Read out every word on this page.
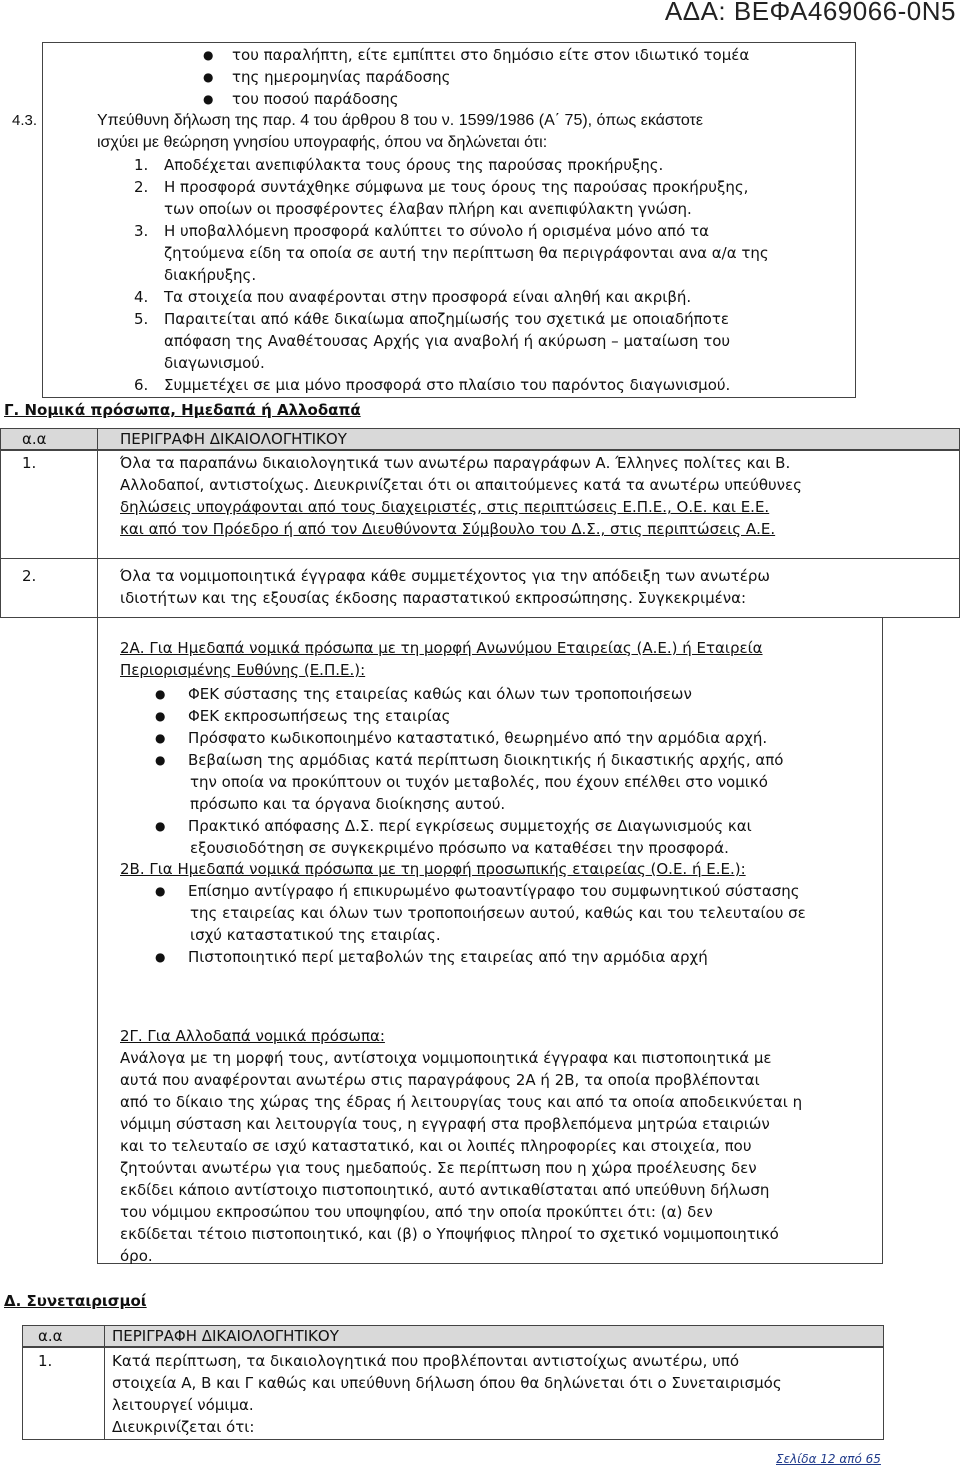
ΑΔΑ: ΒΕΦΑ469066-0Ν5
● του παραλήπτη, είτε εμπίπτει στο δημόσιο είτε στον ιδιωτικό τομέα
● της ημερομηνίας παράδοσης
● του ποσού παράδοσης
4.3.	Υπεύθυνη δήλωση της παρ. 4 του άρθρου 8 του ν. 1599/1986 (Α΄ 75), όπως εκάστοτε
ισχύει με θεώρηση γνησίου υπογραφής, όπου να δηλώνεται ότι:
1. Αποδέχεται ανεπιφύλακτα τους όρους της παρούσας προκήρυξης.
2. Η προσφορά συντάχθηκε σύμφωνα με τους όρους της παρούσας προκήρυξης,
των οποίων οι προσφέροντες έλαβαν πλήρη και ανεπιφύλακτη γνώση.
3. Η υποβαλλόμενη προσφορά καλύπτει το σύνολο ή ορισμένα μόνο από τα
ζητούμενα είδη τα οποία σε αυτή την περίπτωση θα περιγράφονται ανα α/α της
διακήρυξης.
4. Τα στοιχεία που αναφέρονται στην προσφορά είναι αληθή και ακριβή.
5. Παραιτείται από κάθε δικαίωμα αποζημίωσής του σχετικά με οποιαδήποτε
απόφαση της Αναθέτουσας Αρχής για αναβολή ή ακύρωση – ματαίωση του
διαγωνισμού.
6. Συμμετέχει σε μια μόνο προσφορά στο πλαίσιο του παρόντος διαγωνισμού.
Γ. Νομικά πρόσωπα, Ημεδαπά ή Αλλοδαπά
α.α	ΠΕΡΙΓΡΑΦΗ ΔΙΚΑΙΟΛΟΓΗΤΙΚΟΥ
1.	Όλα τα παραπάνω δικαιολογητικά των ανωτέρω παραγράφων Α. Έλληνες πολίτες και Β.
Αλλοδαποί, αντιστοίχως. Διευκρινίζεται ότι οι απαιτούμενες κατά τα ανωτέρω υπεύθυνες
δηλώσεις υπογράφονται από τους διαχειριστές, στις περιπτώσεις Ε.Π.Ε., Ο.Ε. και Ε.Ε.
και από τον Πρόεδρο ή από τον Διευθύνοντα Σύμβουλο του Δ.Σ., στις περιπτώσεις Α.Ε.
2.	Όλα τα νομιμοποιητικά έγγραφα κάθε συμμετέχοντος για την απόδειξη των ανωτέρω
ιδιοτήτων και της εξουσίας έκδοσης παραστατικού εκπροσώπησης. Συγκεκριμένα:
2Α. Για Ημεδαπά νομικά πρόσωπα με τη μορφή Ανωνύμου Εταιρείας (Α.Ε.) ή Εταιρεία
Περιορισμένης Ευθύνης (Ε.Π.Ε.):
● ΦΕΚ σύστασης της εταιρείας καθώς και όλων των τροποποιήσεων
● ΦΕΚ εκπροσωπήσεως της εταιρίας
● Πρόσφατο κωδικοποιημένο καταστατικό, θεωρημένο από την αρμόδια αρχή.
● Βεβαίωση της αρμόδιας κατά περίπτωση διοικητικής ή δικαστικής αρχής, από
την οποία να προκύπτουν οι τυχόν μεταβολές, που έχουν επέλθει στο νομικό
πρόσωπο και τα όργανα διοίκησης αυτού.
● Πρακτικό απόφασης Δ.Σ. περί εγκρίσεως συμμετοχής σε Διαγωνισμούς και
εξουσιοδότηση σε συγκεκριμένο πρόσωπο να καταθέσει την προσφορά.
2Β. Για Ημεδαπά νομικά πρόσωπα με τη μορφή προσωπικής εταιρείας (Ο.Ε. ή Ε.Ε.):
● Επίσημο αντίγραφο ή επικυρωμένο φωτοαντίγραφο του συμφωνητικού σύστασης
της εταιρείας και όλων των τροποποιήσεων αυτού, καθώς και του τελευταίου σε
ισχύ καταστατικού της εταιρίας.
● Πιστοποιητικό περί μεταβολών της εταιρείας από την αρμόδια αρχή
2Γ. Για Αλλοδαπά νομικά πρόσωπα:
Ανάλογα με τη μορφή τους, αντίστοιχα νομιμοποιητικά έγγραφα και πιστοποιητικά με
αυτά που αναφέρονται ανωτέρω στις παραγράφους 2Α ή 2Β, τα οποία προβλέπονται
από το δίκαιο της χώρας της έδρας ή λειτουργίας τους και από τα οποία αποδεικνύεται η
νόμιμη σύσταση και λειτουργία τους, η εγγραφή στα προβλεπόμενα μητρώα εταιριών
και το τελευταίο σε ισχύ καταστατικό, και οι λοιπές πληροφορίες και στοιχεία, που
ζητούνται ανωτέρω για τους ημεδαπούς. Σε περίπτωση που η χώρα προέλευσης δεν
εκδίδει κάποιο αντίστοιχο πιστοποιητικό, αυτό αντικαθίσταται από υπεύθυνη δήλωση
του νόμιμου εκπροσώπου του υποψηφίου, από την οποία προκύπτει ότι: (α) δεν
εκδίδεται τέτοιο πιστοποιητικό, και (β) ο Υποψήφιος πληροί το σχετικό νομιμοποιητικό
όρο.
Δ. Συνεταιρισμοί
α.α	ΠΕΡΙΓΡΑΦΗ ΔΙΚΑΙΟΛΟΓΗΤΙΚΟΥ
1.	Κατά περίπτωση, τα δικαιολογητικά που προβλέπονται αντιστοίχως ανωτέρω, υπό
στοιχεία Α, Β και Γ καθώς και υπεύθυνη δήλωση όπου θα δηλώνεται ότι ο Συνεταιρισμός
λειτουργεί νόμιμα.
Διευκρινίζεται ότι:
Σελίδα 12 από 65
